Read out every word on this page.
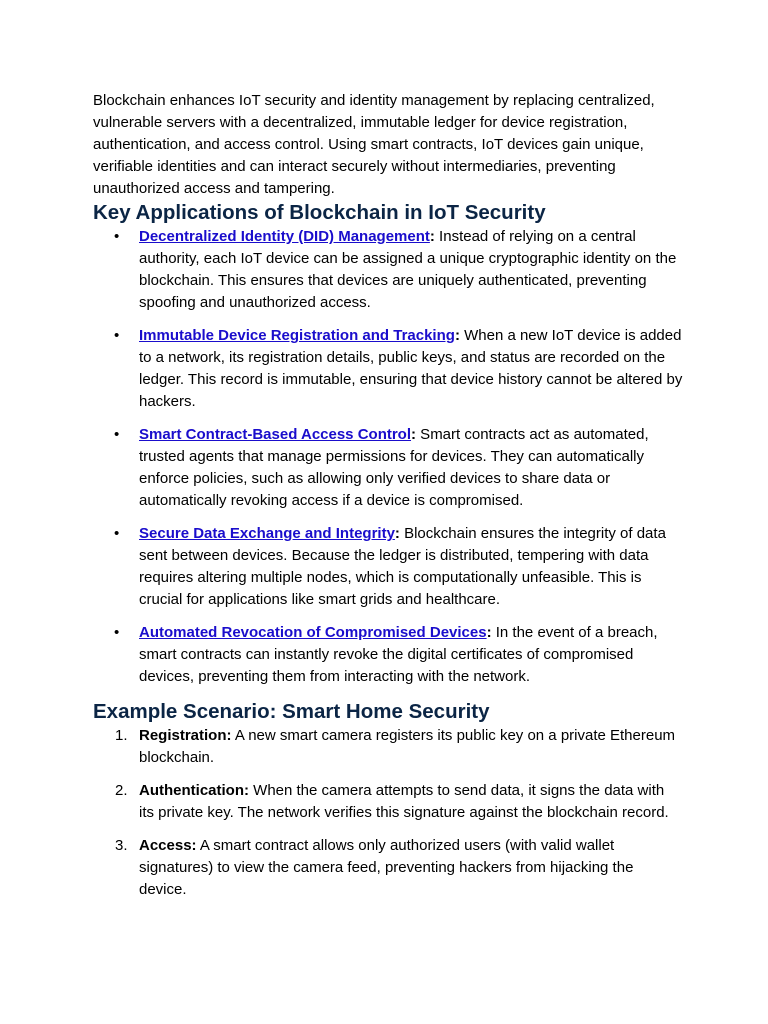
Blockchain enhances IoT security and identity management by replacing centralized, vulnerable servers with a decentralized, immutable ledger for device registration, authentication, and access control. Using smart contracts, IoT devices gain unique, verifiable identities and can interact securely without intermediaries, preventing unauthorized access and tampering.

Key Applications of Blockchain in IoT Security
•	Decentralized Identity (DID) Management: Instead of relying on a central authority, each IoT device can be assigned a unique cryptographic identity on the blockchain. This ensures that devices are uniquely authenticated, preventing spoofing and unauthorized access.
•	Immutable Device Registration and Tracking: When a new IoT device is added to a network, its registration details, public keys, and status are recorded on the ledger. This record is immutable, ensuring that device history cannot be altered by hackers.
•	Smart Contract-Based Access Control: Smart contracts act as automated, trusted agents that manage permissions for devices. They can automatically enforce policies, such as allowing only verified devices to share data or automatically revoking access if a device is compromised.
•	Secure Data Exchange and Integrity: Blockchain ensures the integrity of data sent between devices. Because the ledger is distributed, tempering with data requires altering multiple nodes, which is computationally unfeasible. This is crucial for applications like smart grids and healthcare.
•	Automated Revocation of Compromised Devices: In the event of a breach, smart contracts can instantly revoke the digital certificates of compromised devices, preventing them from interacting with the network.
Example Scenario: Smart Home Security
1. Registration: A new smart camera registers its public key on a private Ethereum blockchain.
2. Authentication: When the camera attempts to send data, it signs the data with its private key. The network verifies this signature against the blockchain record.
3. Access: A smart contract allows only authorized users (with valid wallet signatures) to view the camera feed, preventing hackers from hijacking the device.
